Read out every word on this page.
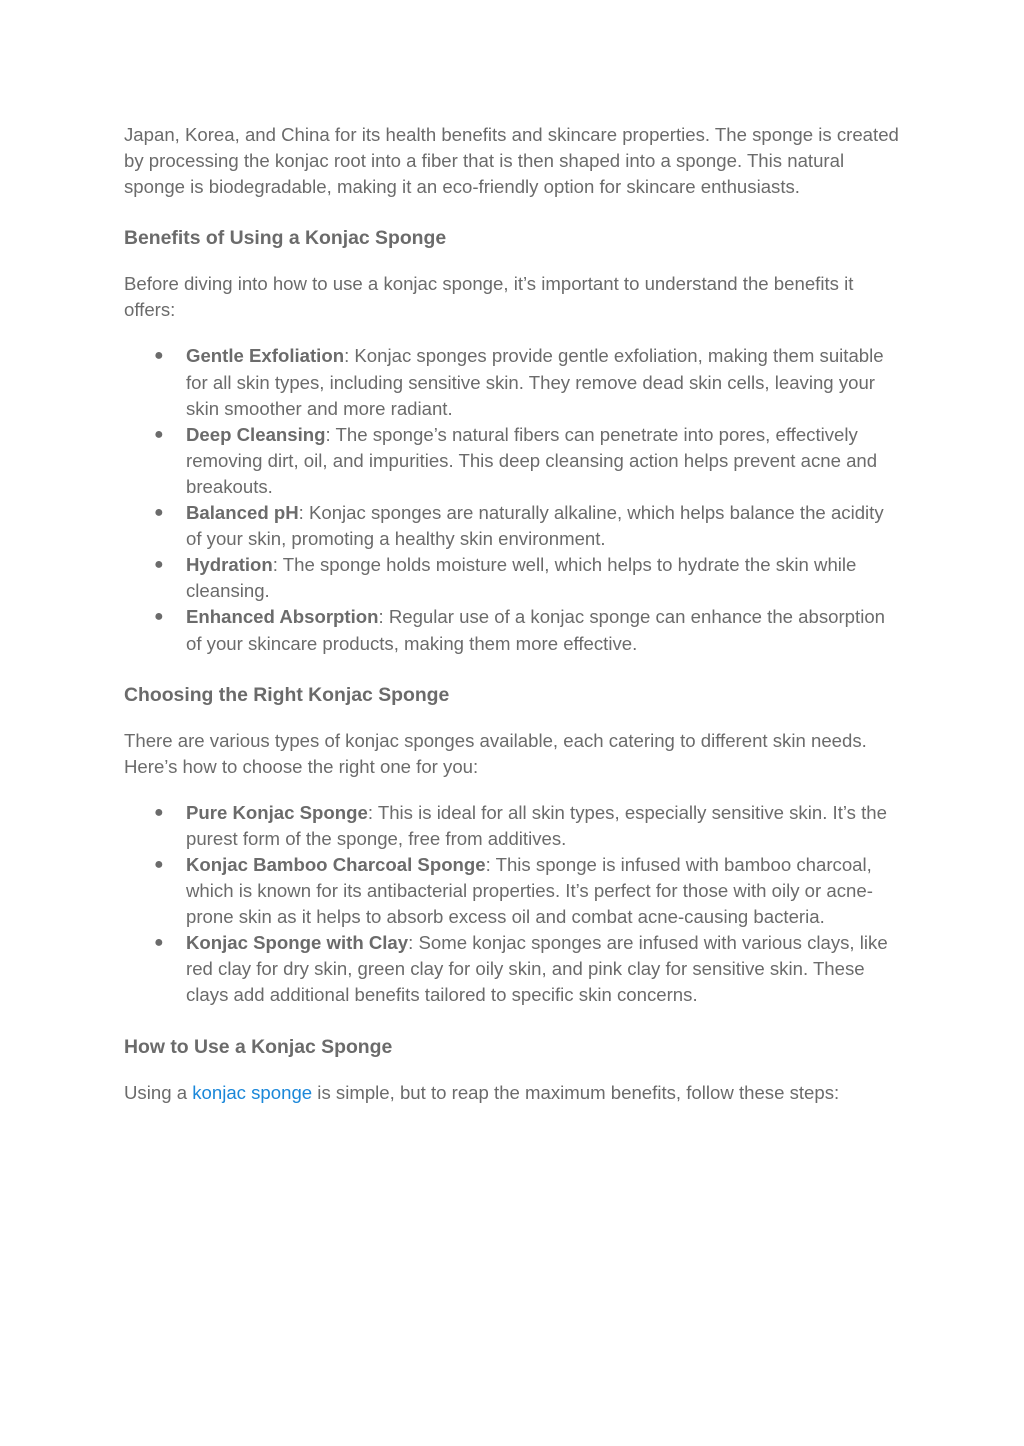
Japan, Korea, and China for its health benefits and skincare properties. The sponge is created by processing the konjac root into a fiber that is then shaped into a sponge. This natural sponge is biodegradable, making it an eco-friendly option for skincare enthusiasts.

Benefits of Using a Konjac Sponge

Before diving into how to use a konjac sponge, it’s important to understand the benefits it offers:

● Gentle Exfoliation: Konjac sponges provide gentle exfoliation, making them suitable for all skin types, including sensitive skin. They remove dead skin cells, leaving your skin smoother and more radiant.
● Deep Cleansing: The sponge’s natural fibers can penetrate into pores, effectively removing dirt, oil, and impurities. This deep cleansing action helps prevent acne and breakouts.
● Balanced pH: Konjac sponges are naturally alkaline, which helps balance the acidity of your skin, promoting a healthy skin environment.
● Hydration: The sponge holds moisture well, which helps to hydrate the skin while cleansing.
● Enhanced Absorption: Regular use of a konjac sponge can enhance the absorption of your skincare products, making them more effective.
Choosing the Right Konjac Sponge

There are various types of konjac sponges available, each catering to different skin needs. Here’s how to choose the right one for you:

● Pure Konjac Sponge: This is ideal for all skin types, especially sensitive skin. It’s the purest form of the sponge, free from additives.
● Konjac Bamboo Charcoal Sponge: This sponge is infused with bamboo charcoal, which is known for its antibacterial properties. It’s perfect for those with oily or acne-prone skin as it helps to absorb excess oil and combat acne-causing bacteria.
● Konjac Sponge with Clay: Some konjac sponges are infused with various clays, like red clay for dry skin, green clay for oily skin, and pink clay for sensitive skin. These clays add additional benefits tailored to specific skin concerns.
How to Use a Konjac Sponge

Using a konjac sponge is simple, but to reap the maximum benefits, follow these steps:
